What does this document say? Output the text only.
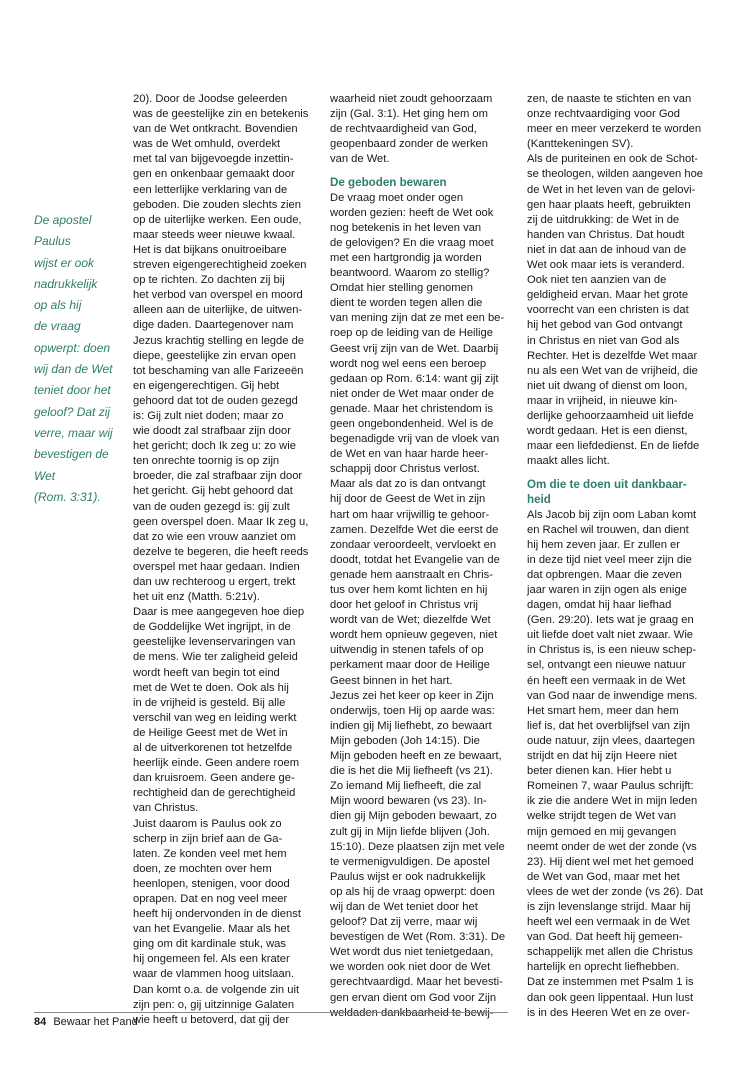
De apostel
Paulus
wijst er ook
nadrukkelijk
op als hij
de vraag
opwerpt: doen
wij dan de Wet
teniet door het
geloof? Dat zij
verre, maar wij
bevestigen de
Wet
(Rom. 3:31).
20). Door de Joodse geleerden
was de geestelijke zin en betekenis
van de Wet ontkracht. Bovendien
was de Wet omhuld, overdekt
met tal van bijgevoegde inzettin-
gen en onkenbaar gemaakt door
een letterlijke verklaring van de
geboden. Die zouden slechts zien
op de uiterlijke werken. Een oude,
maar steeds weer nieuwe kwaal.
Het is dat bijkans onuitroeibare
streven eigengerechtigheid zoeken
op te richten. Zo dachten zij bij
het verbod van overspel en moord
alleen aan de uiterlijke, de uitwen-
dige daden. Daartegenover nam
Jezus krachtig stelling en legde de
diepe, geestelijke zin ervan open
tot beschaming van alle Farizeeën
en eigengerechtigen. Gij hebt
gehoord dat tot de ouden gezegd
is: Gij zult niet doden; maar zo
wie doodt zal strafbaar zijn door
het gericht; doch Ik zeg u: zo wie
ten onrechte toornig is op zijn
broeder, die zal strafbaar zijn door
het gericht. Gij hebt gehoord dat
van de ouden gezegd is: gij zult
geen overspel doen. Maar Ik zeg u,
dat zo wie een vrouw aanziet om
dezelve te begeren, die heeft reeds
overspel met haar gedaan. Indien
dan uw rechteroog u ergert, trekt
het uit enz (Matth. 5:21v).
Daar is mee aangegeven hoe diep
de Goddelijke Wet ingrijpt, in de
geestelijke levenservaringen van
de mens. Wie ter zaligheid geleid
wordt heeft van begin tot eind
met de Wet te doen. Ook als hij
in de vrijheid is gesteld. Bij alle
verschil van weg en leiding werkt
de Heilige Geest met de Wet in
al de uitverkorenen tot hetzelfde
heerlijk einde. Geen andere roem
dan kruisroem. Geen andere ge-
rechtigheid dan de gerechtigheid
van Christus.
Juist daarom is Paulus ook zo
scherp in zijn brief aan de Ga-
laten. Ze konden veel met hem
doen, ze mochten over hem
heenlopen, stenigen, voor dood
oprapen. Dat en nog veel meer
heeft hij ondervonden in de dienst
van het Evangelie. Maar als het
ging om dit kardinale stuk, was
hij ongemeen fel. Als een krater
waar de vlammen hoog uitslaan.
Dan komt o.a. de volgende zin uit
zijn pen: o, gij uitzinnige Galaten
wie heeft u betoverd, dat gij der
waarheid niet zoudt gehoorzaam
zijn (Gal. 3:1). Het ging hem om
de rechtvaardigheid van God,
geopenbaard zonder de werken
van de Wet.
De geboden bewaren
De vraag moet onder ogen
worden gezien: heeft de Wet ook
nog betekenis in het leven van
de gelovigen? En die vraag moet
met een hartgrondig ja worden
beantwoord. Waarom zo stellig?
Omdat hier stelling genomen
dient te worden tegen allen die
van mening zijn dat ze met een be-
roep op de leiding van de Heilige
Geest vrij zijn van de Wet. Daarbij
wordt nog wel eens een beroep
gedaan op Rom. 6:14: want gij zijt
niet onder de Wet maar onder de
genade. Maar het christendom is
geen ongebondenheid. Wel is de
begenadigde vrij van de vloek van
de Wet en van haar harde heer-
schappij door Christus verlost.
Maar als dat zo is dan ontvangt
hij door de Geest de Wet in zijn
hart om haar vrijwillig te gehoor-
zamen. Dezelfde Wet die eerst de
zondaar veroordeelt, vervloekt en
doodt, totdat het Evangelie van de
genade hem aanstraalt en Chris-
tus over hem komt lichten en hij
door het geloof in Christus vrij
wordt van de Wet; diezelfde Wet
wordt hem opnieuw gegeven, niet
uitwendig in stenen tafels of op
perkament maar door de Heilige
Geest binnen in het hart.
Jezus zei het keer op keer in Zijn
onderwijs, toen Hij op aarde was:
indien gij Mij liefhebt, zo bewaart
Mijn geboden (Joh 14:15). Die
Mijn geboden heeft en ze bewaart,
die is het die Mij liefheeft (vs 21).
Zo iemand Mij liefheeft, die zal
Mijn woord bewaren (vs 23). In-
dien gij Mijn geboden bewaart, zo
zult gij in Mijn liefde blijven (Joh.
15:10). Deze plaatsen zijn met vele
te vermenigvuldigen. De apostel
Paulus wijst er ook nadrukkelijk
op als hij de vraag opwerpt: doen
wij dan de Wet teniet door het
geloof? Dat zij verre, maar wij
bevestigen de Wet (Rom. 3:31). De
Wet wordt dus niet tenietgedaan,
we worden ook niet door de Wet
gerechtvaardigd. Maar het bevesti-
gen ervan dient om God voor Zijn
weldaden dankbaarheid te bewij-
zen, de naaste te stichten en van
onze rechtvaardiging voor God
meer en meer verzekerd te worden
(Kanttekeningen SV).
Als de puriteinen en ook de Schot-
se theologen, wilden aangeven hoe
de Wet in het leven van de gelovi-
gen haar plaats heeft, gebruikten
zij de uitdrukking: de Wet in de
handen van Christus. Dat houdt
niet in dat aan de inhoud van de
Wet ook maar iets is veranderd.
Ook niet ten aanzien van de
geldigheid ervan. Maar het grote
voorrecht van een christen is dat
hij het gebod van God ontvangt
in Christus en niet van God als
Rechter. Het is dezelfde Wet maar
nu als een Wet van de vrijheid, die
niet uit dwang of dienst om loon,
maar in vrijheid, in nieuwe kin-
derlijke gehoorzaamheid uit liefde
wordt gedaan. Het is een dienst,
maar een liefdedienst. En de liefde
maakt alles licht.
Om die te doen uit dankbaar-
heid
Als Jacob bij zijn oom Laban komt
en Rachel wil trouwen, dan dient
hij hem zeven jaar. Er zullen er
in deze tijd niet veel meer zijn die
dat opbrengen. Maar die zeven
jaar waren in zijn ogen als enige
dagen, omdat hij haar liefhad
(Gen. 29:20). Iets wat je graag en
uit liefde doet valt niet zwaar. Wie
in Christus is, is een nieuw schep-
sel, ontvangt een nieuwe natuur
én heeft een vermaak in de Wet
van God naar de inwendige mens.
Het smart hem, meer dan hem
lief is, dat het overblijfsel van zijn
oude natuur, zijn vlees, daartegen
strijdt en dat hij zijn Heere niet
beter dienen kan. Hier hebt u
Romeinen 7, waar Paulus schrijft:
ik zie die andere Wet in mijn leden
welke strijdt tegen de Wet van
mijn gemoed en mij gevangen
neemt onder de wet der zonde (vs
23). Hij dient wel met het gemoed
de Wet van God, maar met het
vlees de wet der zonde (vs 26). Dat
is zijn levenslange strijd. Maar hij
heeft wel een vermaak in de Wet
van God. Dat heeft hij gemeen-
schappelijk met allen die Christus
hartelijk en oprecht liefhebben.
Dat ze instemmen met Psalm 1 is
dan ook geen lippentaal. Hun lust
is in des Heeren Wet en ze over-
84 Bewaar het Pand
